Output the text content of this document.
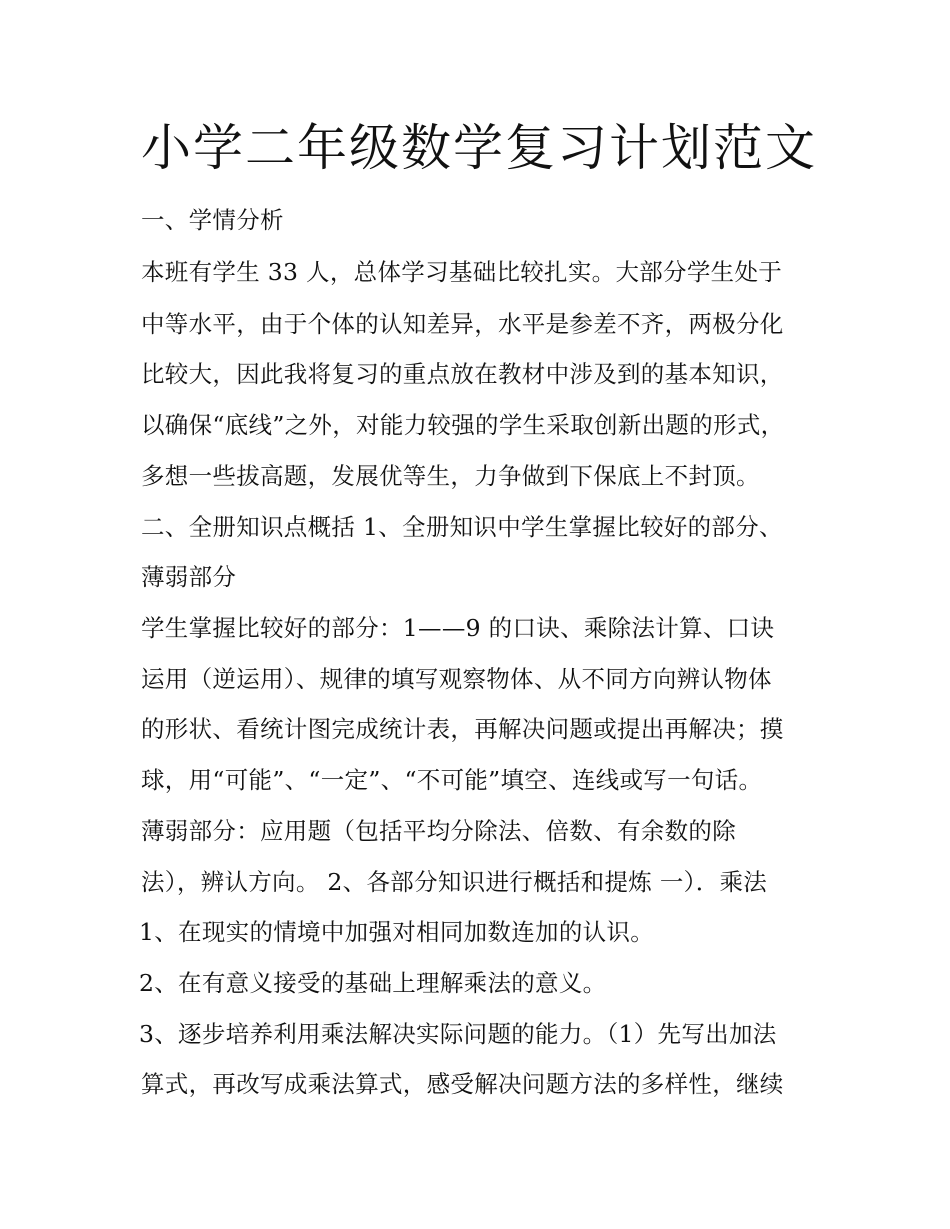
小学二年级数学复习计划范文
一、学情分析
本班有学生 33 人，总体学习基础比较扎实。大部分学生处于
中等水平，由于个体的认知差异，水平是参差不齐，两极分化
比较大，因此我将复习的重点放在教材中涉及到的基本知识，
以确保“底线”之外，对能力较强的学生采取创新出题的形式，
多想一些拔高题，发展优等生，力争做到下保底上不封顶。
二、全册知识点概括 1、全册知识中学生掌握比较好的部分、
薄弱部分
学生掌握比较好的部分：1——9 的口诀、乘除法计算、口诀
运用（逆运用）、规律的填写观察物体、从不同方向辨认物体
的形状、看统计图完成统计表，再解决问题或提出再解决；摸
球，用“可能”、“一定”、“不可能”填空、连线或写一句话。
薄弱部分：应用题（包括平均分除法、倍数、有余数的除
法），辨认方向。 2、各部分知识进行概括和提炼 一）．乘法
1、在现实的情境中加强对相同加数连加的认识。
2、在有意义接受的基础上理解乘法的意义。
3、逐步培养利用乘法解决实际问题的能力。（1）先写出加法
算式，再改写成乘法算式，感受解决问题方法的多样性，继续
